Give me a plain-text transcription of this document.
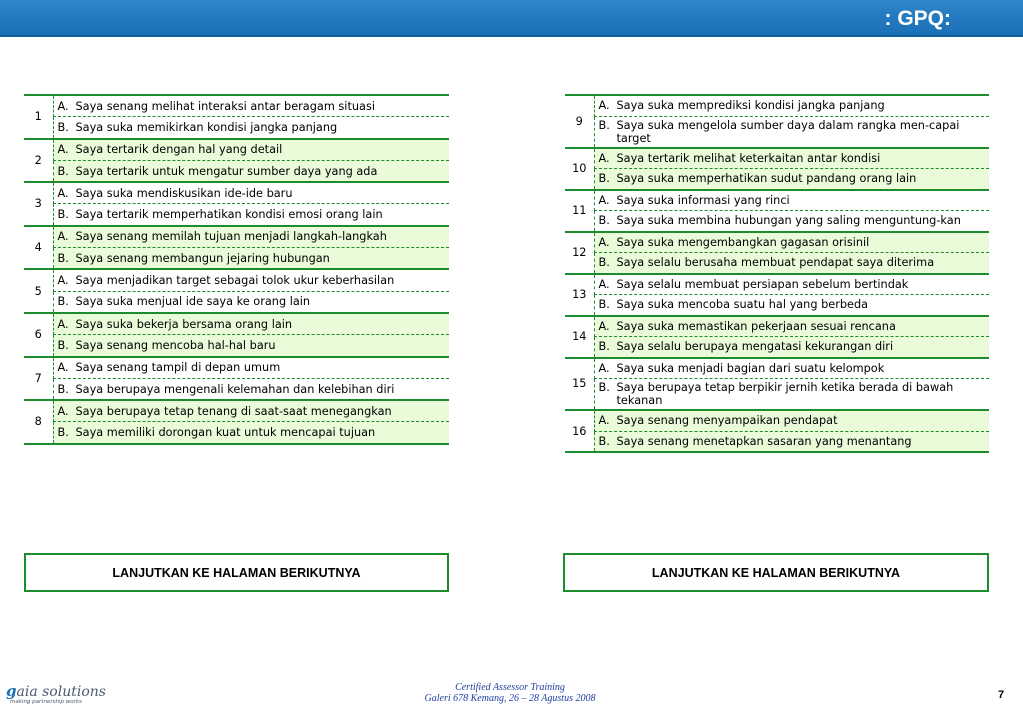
: GPQ:
1	A. Saya senang melihat interaksi antar beragam situasi

	B. Saya suka memikirkan kondisi jangka panjang

2	A. Saya tertarik dengan hal yang detail

	B. Saya tertarik untuk mengatur sumber daya yang ada

3	A. Saya suka mendiskusikan ide-ide baru

	B. Saya tertarik memperhatikan kondisi emosi orang lain

4	A. Saya senang memilah tujuan menjadi langkah-langkah

	B. Saya senang membangun jejaring hubungan

5	A. Saya menjadikan target sebagai tolok ukur keberhasilan

	B. Saya suka menjual ide saya ke orang lain

6	A. Saya suka bekerja bersama orang lain

	B. Saya senang mencoba hal-hal baru

7	A. Saya senang tampil di depan umum

	B. Saya berupaya mengenali kelemahan dan kelebihan diri

8	A. Saya berupaya tetap tenang di saat-saat menegangkan

	B. Saya memiliki dorongan kuat untuk mencapai tujuan
9	A. Saya suka memprediksi kondisi jangka panjang

	B. Saya suka mengelola sumber daya dalam rangka men-capai target

10	A. Saya tertarik melihat keterkaitan antar kondisi

	B. Saya suka memperhatikan sudut pandang orang lain

11	A. Saya suka informasi yang rinci

	B. Saya suka membina hubungan yang saling menguntung-kan

12	A. Saya suka mengembangkan gagasan orisinil

	B. Saya selalu berusaha membuat pendapat saya diterima

13	A. Saya selalu membuat persiapan sebelum bertindak

	B. Saya suka mencoba suatu hal yang berbeda

14	A. Saya suka memastikan pekerjaan sesuai rencana

	B. Saya selalu berupaya mengatasi kekurangan diri

15	A. Saya suka menjadi bagian dari suatu kelompok

	B. Saya berupaya tetap berpikir jernih ketika berada di bawah tekanan

16	A. Saya senang menyampaikan pendapat

	B. Saya senang menetapkan sasaran yang menantang
LANJUTKAN KE HALAMAN BERIKUTNYA	LANJUTKAN KE HALAMAN BERIKUTNYA
g aia solutions
making partnership works
Certified Assessor Training
Galeri 678 Kemang, 26 – 28 Agustus 2008	7
